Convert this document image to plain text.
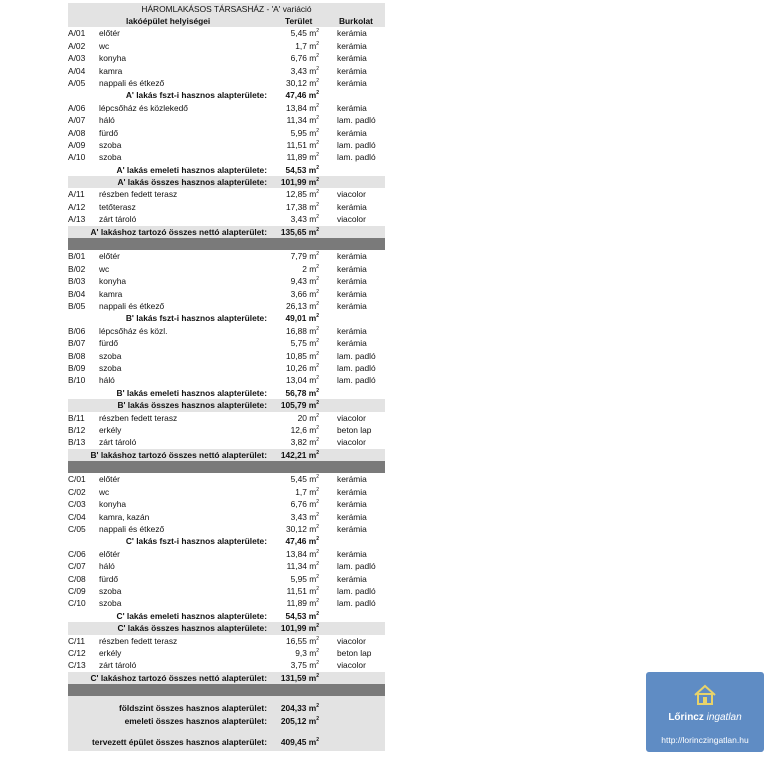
HÁROMLAKÁSOS TÁRSASHÁZ - 'A' variáció
lakóépület helyiségei	Terület	Burkolat
A/01 előtér	5,45 $m^2$ kerámia
A/02 wc	1,7 $m^2$ kerámia
A/03 konyha	6,76 $m^2$ kerámia
A/04 kamra	3,43 $m^2$ kerámia
A/05 nappali és étkező	30,12 $m^2$ kerámia
A' lakás fszt-i hasznos alapterülete: 47,46 $m^2$
A/06 lépcsőház és közlekedő	13,84 $m^2$ kerámia
A/07 háló	11,34 $m^2$ lam. padló
A/08 fürdő	5,95 $m^2$ kerámia
A/09 szoba	11,51 $m^2$ lam. padló
A/10 szoba	11,89 $m^2$ lam. padló
A' lakás emeleti hasznos alapterülete: 54,53 $m^2$
A' lakás összes hasznos alapterülete: 101,99 $m^2$
A/11 részben fedett terasz	12,85 $m^2$ viacolor
A/12 tetőterasz	17,38 $m^2$ kerámia
A/13 zárt tároló	3,43 $m^2$ viacolor
A' lakáshoz tartozó összes nettó alapterület: 135,65 $m^2$
B/01 előtér	7,79 $m^2$ kerámia
B/02 wc	2 $m^2$ kerámia
B/03 konyha	9,43 $m^2$ kerámia
B/04 kamra	3,66 $m^2$ kerámia
B/05 nappali és étkező	26,13 $m^2$ kerámia
B' lakás fszt-i hasznos alapterülete: 49,01 $m^2$
B/06 lépcsőház és közl.	16,88 $m^2$ kerámia
B/07 fürdő	5,75 $m^2$ kerámia
B/08 szoba	10,85 $m^2$ lam. padló
B/09 szoba	10,26 $m^2$ lam. padló
B/10 háló	13,04 $m^2$ lam. padló
B' lakás emeleti hasznos alapterülete: 56,78 $m^2$
B' lakás összes hasznos alapterülete: 105,79 $m^2$
B/11 részben fedett terasz	20 $m^2$ viacolor
B/12 erkély	12,6 $m^2$ beton lap
B/13 zárt tároló	3,82 $m^2$ viacolor
B' lakáshoz tartozó összes nettó alapterület: 142,21 $m^2$
C/01 előtér	5,45 $m^2$ kerámia
C/02 wc	1,7 $m^2$ kerámia
C/03 konyha	6,76 $m^2$ kerámia
C/04 kamra, kazán	3,43 $m^2$ kerámia
C/05 nappali és étkező	30,12 $m^2$ kerámia
C' lakás fszt-i hasznos alapterülete: 47,46 $m^2$
C/06 előtér	13,84 $m^2$ kerámia
C/07 háló	11,34 $m^2$ lam. padló
C/08 fürdő	5,95 $m^2$ kerámia
C/09 szoba	11,51 $m^2$ lam. padló
C/10 szoba	11,89 $m^2$ lam. padló
C' lakás emeleti hasznos alapterülete: 54,53 $m^2$
C' lakás összes hasznos alapterülete: 101,99 $m^2$
C/11 részben fedett terasz	16,55 $m^2$ viacolor
C/12 erkély	9,3 $m^2$ beton lap
C/13 zárt tároló	3,75 $m^2$ viacolor
C' lakáshoz tartozó összes nettó alapterület: 131,59 $m^2$
földszint összes hasznos alapterület: 204,33 $m^2$
emeleti összes hasznos alapterület: 205,12 $m^2$
tervezett épület összes hasznos alapterület: 409,45 $m^2$
Lőrincz ingatlan
http://lorinczingatlan.hu
